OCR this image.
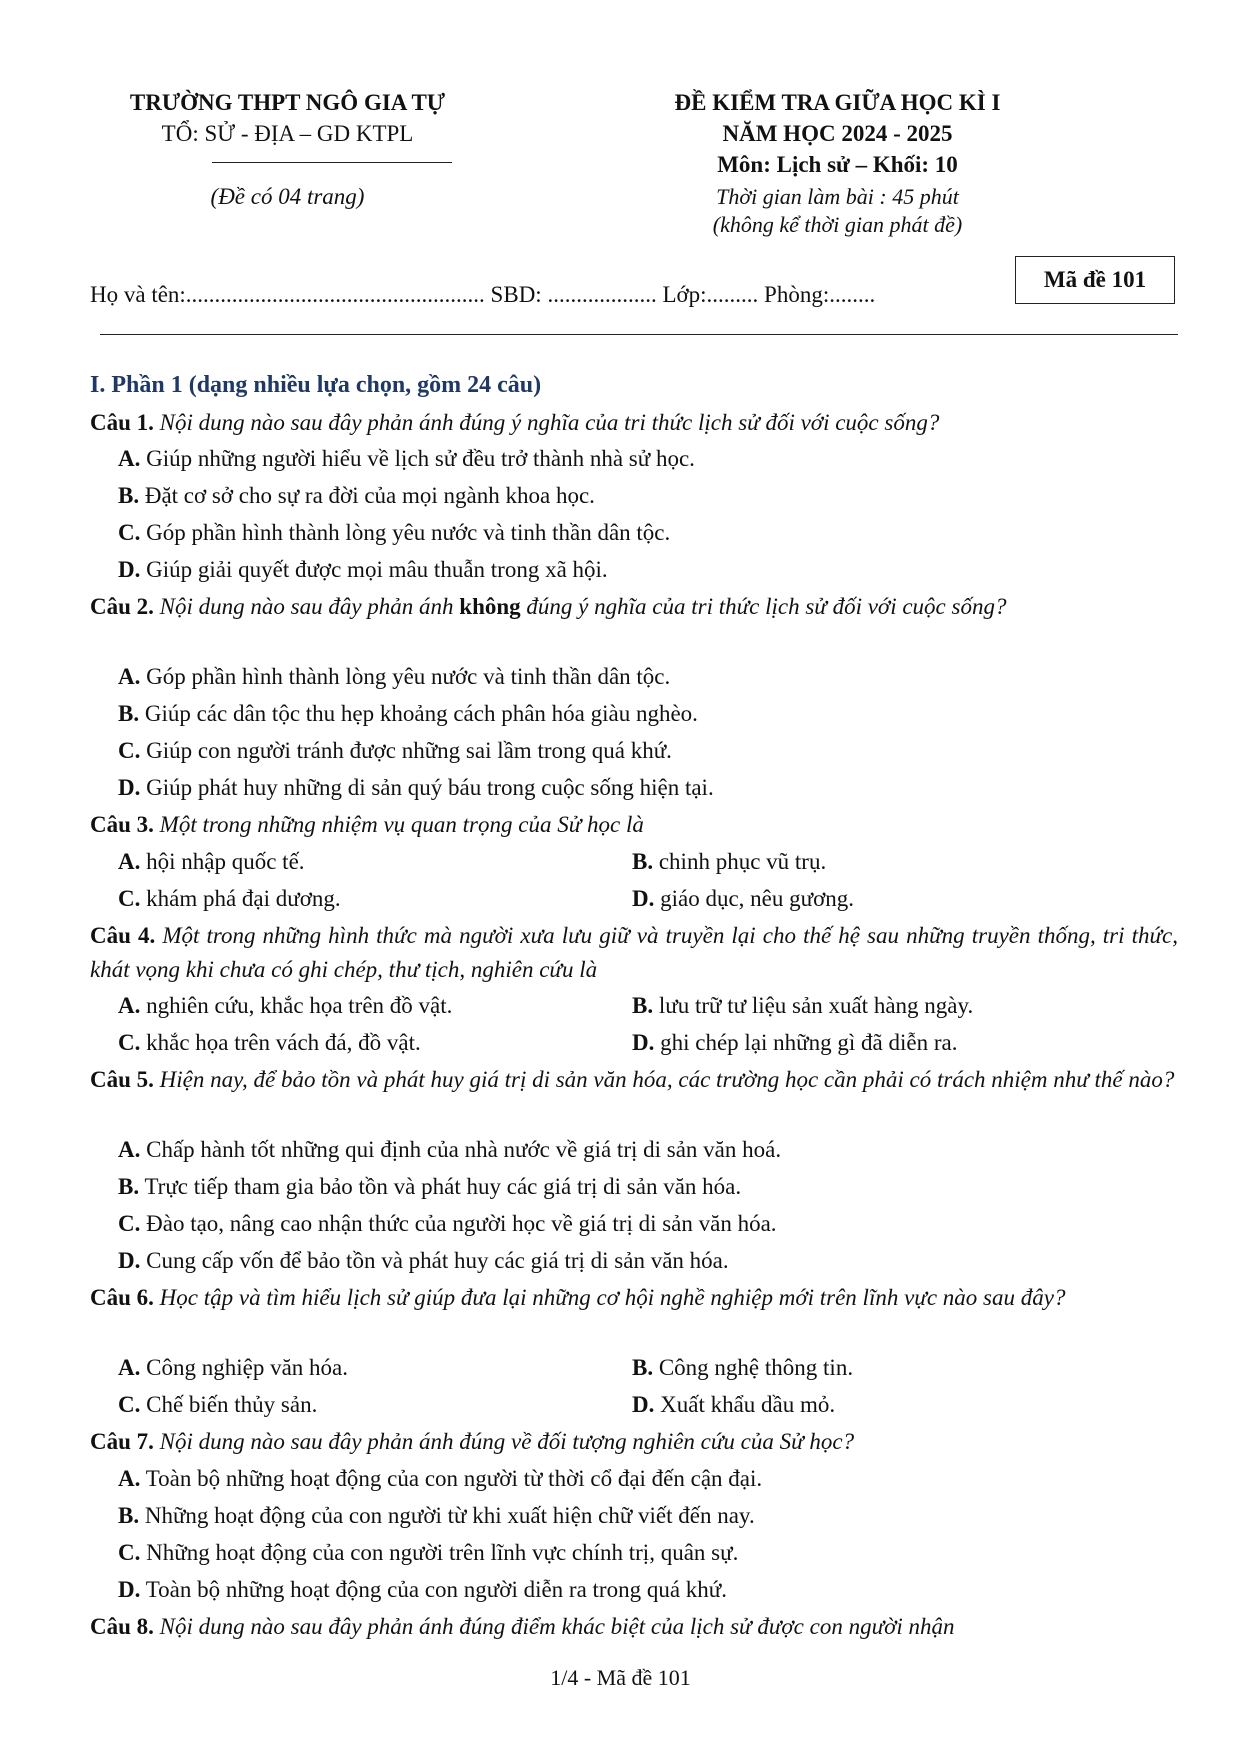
TRƯỜNG THPT NGÔ GIA TỰ
TỔ: SỬ - ĐỊA – GD KTPL
(Đề có 04 trang)
ĐỀ KIỂM TRA GIỮA HỌC KÌ I
NĂM HỌC 2024 - 2025
Môn: Lịch sử – Khối: 10
Thời gian làm bài : 45 phút
(không kể thời gian phát đề)
Họ và tên:.................................................... SBD: ................... Lớp:......... Phòng:........
Mã đề 101
I. Phần 1 (dạng nhiều lựa chọn, gồm 24 câu)
Câu 1. Nội dung nào sau đây phản ánh đúng ý nghĩa của tri thức lịch sử đối với cuộc sống?
A. Giúp những người hiểu về lịch sử đều trở thành nhà sử học.
B. Đặt cơ sở cho sự ra đời của mọi ngành khoa học.
C. Góp phần hình thành lòng yêu nước và tinh thần dân tộc.
D. Giúp giải quyết được mọi mâu thuẫn trong xã hội.
Câu 2. Nội dung nào sau đây phản ánh không đúng ý nghĩa của tri thức lịch sử đối với cuộc sống?
A. Góp phần hình thành lòng yêu nước và tinh thần dân tộc.
B. Giúp các dân tộc thu hẹp khoảng cách phân hóa giàu nghèo.
C. Giúp con người tránh được những sai lầm trong quá khứ.
D. Giúp phát huy những di sản quý báu trong cuộc sống hiện tại.
Câu 3. Một trong những nhiệm vụ quan trọng của Sử học là
A. hội nhập quốc tế.	B. chinh phục vũ trụ.
C. khám phá đại dương.	D. giáo dục, nêu gương.
Câu 4. Một trong những hình thức mà người xưa lưu giữ và truyền lại cho thế hệ sau những truyền thống, tri thức, khát vọng khi chưa có ghi chép, thư tịch, nghiên cứu là
A. nghiên cứu, khắc họa trên đồ vật.	B. lưu trữ tư liệu sản xuất hàng ngày.
C. khắc họa trên vách đá, đồ vật.	D. ghi chép lại những gì đã diễn ra.
Câu 5. Hiện nay, để bảo tồn và phát huy giá trị di sản văn hóa, các trường học cần phải có trách nhiệm như thế nào?
A. Chấp hành tốt những qui định của nhà nước về giá trị di sản văn hoá.
B. Trực tiếp tham gia bảo tồn và phát huy các giá trị di sản văn hóa.
C. Đào tạo, nâng cao nhận thức của người học về giá trị di sản văn hóa.
D. Cung cấp vốn để bảo tồn và phát huy các giá trị di sản văn hóa.
Câu 6. Học tập và tìm hiểu lịch sử giúp đưa lại những cơ hội nghề nghiệp mới trên lĩnh vực nào sau đây?
A. Công nghiệp văn hóa.	B. Công nghệ thông tin.
C. Chế biến thủy sản.	D. Xuất khẩu dầu mỏ.
Câu 7. Nội dung nào sau đây phản ánh đúng về đối tượng nghiên cứu của Sử học?
A. Toàn bộ những hoạt động của con người từ thời cổ đại đến cận đại.
B. Những hoạt động của con người từ khi xuất hiện chữ viết đến nay.
C. Những hoạt động của con người trên lĩnh vực chính trị, quân sự.
D. Toàn bộ những hoạt động của con người diễn ra trong quá khứ.
Câu 8. Nội dung nào sau đây phản ánh đúng điểm khác biệt của lịch sử được con người nhận
1/4 - Mã đề 101
